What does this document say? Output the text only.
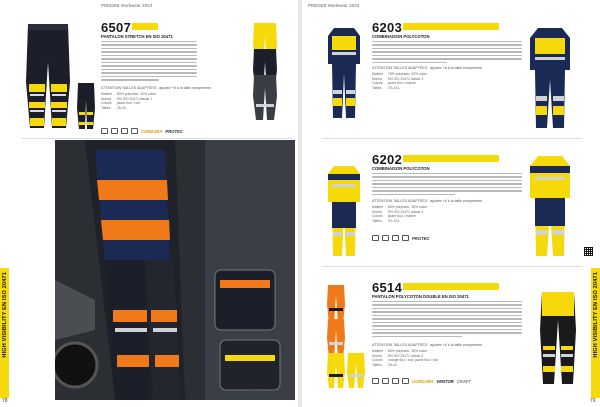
PREDEB Workwear 2023
HIGH VISIBILITY EN ISO 20471
78
6507
PANTALON STRETCH EN ISO 20471
ATTENTION TAILLES ADAPTÉES : ajoutez +6 à la taille européenne
Matière	80% polyester, 20% coton
Norme	EN ISO 20471 classe 1
Coloris	jaune fluo / noir
Tailles	28-44
CORDURA PROTEC
Jacket 6101 p. 68
PREDEB Workwear 2023
HIGH VISIBILITY EN ISO 20471
79
6203
COMBINAISON POLYCOTON
ATTENTION TAILLES ADAPTÉES : ajoutez +6 à la taille européenne
Matière	75% polyester, 25% coton
Norme	EN ISO 20471 classe 3
Coloris	jaune fluo / marine
Tailles	XS-4XL
6202
COMBINAISON POLYCOTON
ATTENTION TAILLES ADAPTÉES : ajoutez +6 à la taille européenne
Matière	65% polyester, 35% coton
Norme	EN ISO 20471 classe 3
Coloris	jaune fluo / marine
Tailles	XS-4XL
PROTEC
6514
PANTALON POLYCOTON DOUBLE EN ISO 20471
ATTENTION TAILLES ADAPTÉES : ajoutez +6 à la taille européenne
Matière	65% polyester, 35% coton
Norme	EN ISO 20471 classe 2
Coloris	orange fluo / noir, jaune fluo / noir
Tailles	28-44
CORDURA VENTOR CRAFT
